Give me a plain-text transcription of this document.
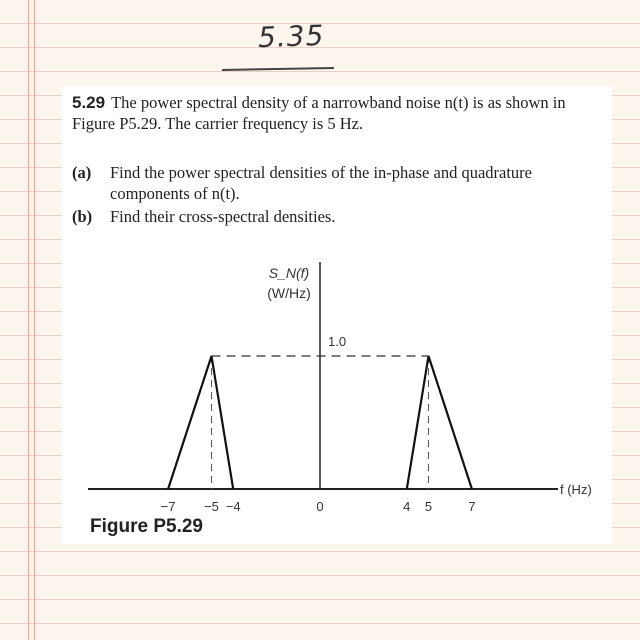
5.35
5.29 The power spectral density of a narrowband noise n(t) is as shown in Figure P5.29. The carrier frequency is 5 Hz.
(a)	Find the power spectral densities of the in-phase and quadrature components of n(t).
(b)	Find their cross-spectral densities.
S_N(f)
(W/Hz)
1.0
−7 −5 −4	0	4 5	7
f (Hz)
Figure P5.29
